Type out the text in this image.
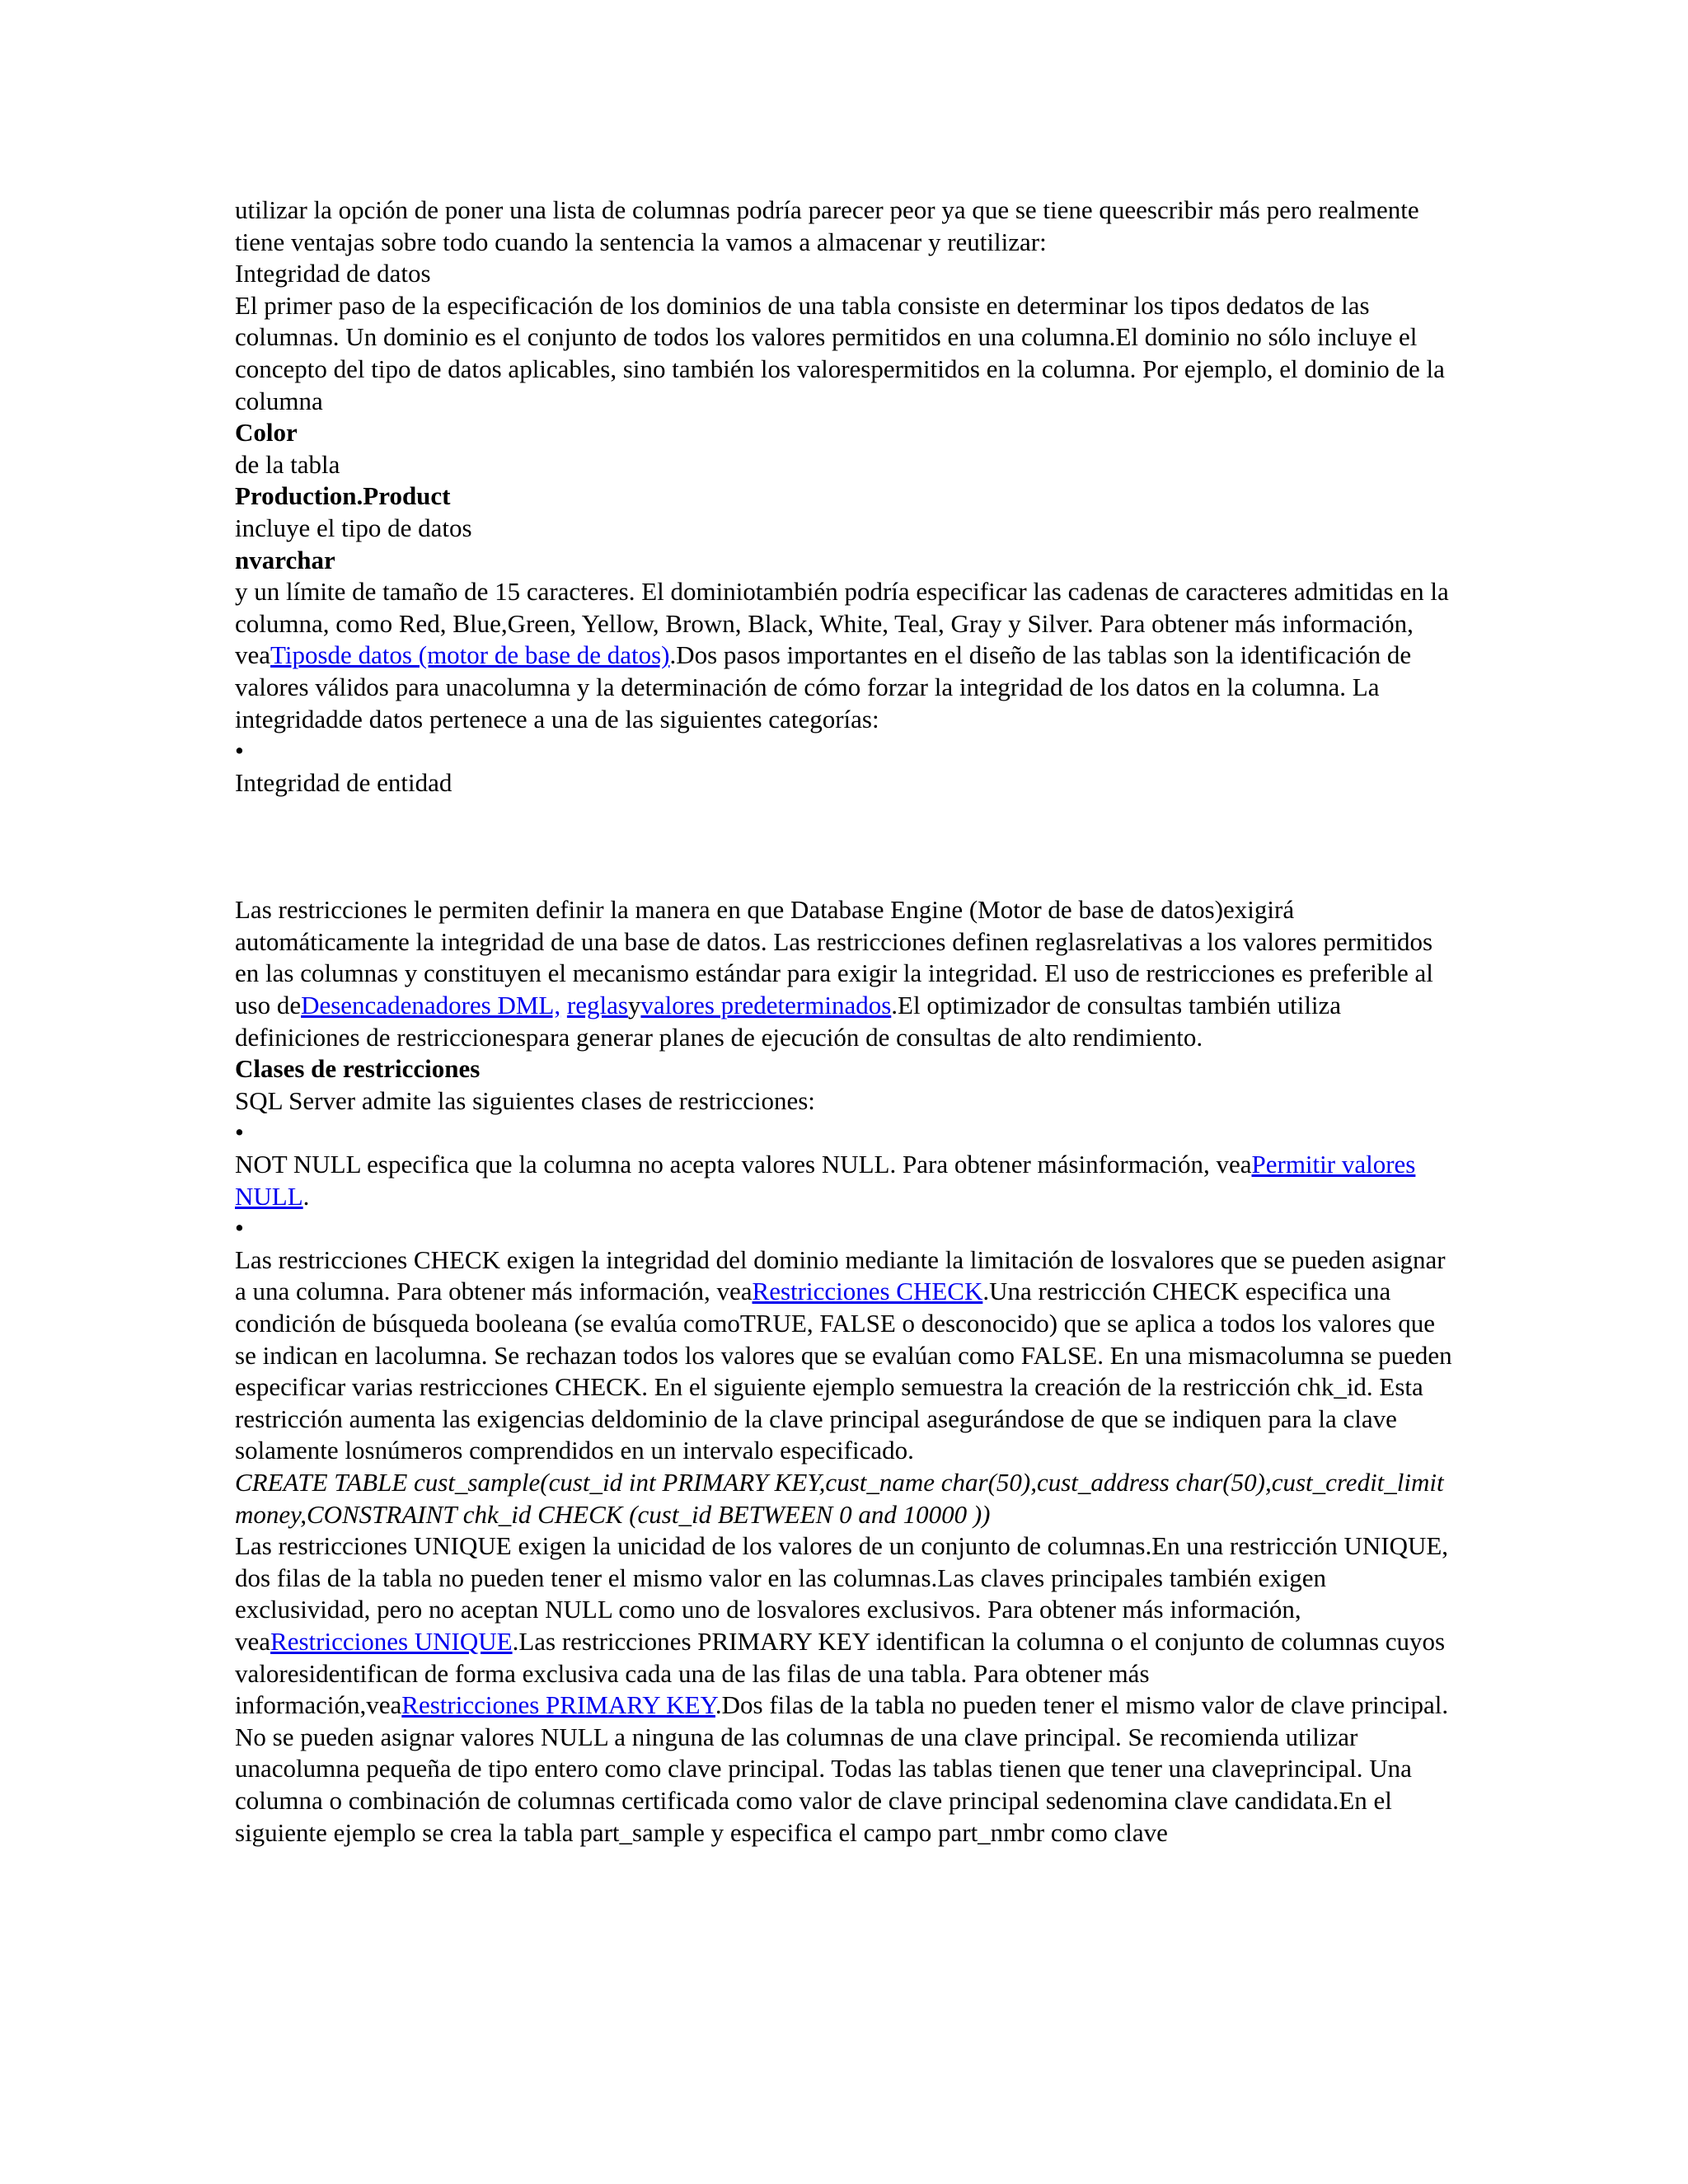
utilizar la opción de poner una lista de columnas podría parecer peor ya que se tiene queescribir más pero realmente tiene ventajas sobre todo cuando la sentencia la vamos a almacenar y reutilizar:

Integridad de datos

El primer paso de la especificación de los dominios de una tabla consiste en determinar los tipos dedatos de las columnas. Un dominio es el conjunto de todos los valores permitidos en una columna.El dominio no sólo incluye el concepto del tipo de datos aplicables, sino también los valorespermitidos en la columna. Por ejemplo, el dominio de la columna

Color

de la tabla

Production.Product

incluye el tipo de datos

nvarchar

y un límite de tamaño de 15 caracteres. El dominiotambién podría especificar las cadenas de caracteres admitidas en la columna, como Red, Blue,Green, Yellow, Brown, Black, White, Teal, Gray y Silver. Para obtener más información, veaTiposde datos (motor de base de datos).Dos pasos importantes en el diseño de las tablas son la identificación de valores válidos para unacolumna y la determinación de cómo forzar la integridad de los datos en la columna. La integridadde datos pertenece a una de las siguientes categorías:

•

Integridad de entidad

Las restricciones le permiten definir la manera en que Database Engine (Motor de base de datos)exigirá automáticamente la integridad de una base de datos. Las restricciones definen reglasrelativas a los valores permitidos en las columnas y constituyen el mecanismo estándar para exigir la integridad. El uso de restricciones es preferible al uso deDesencadenadores DML, reglasyvalores predeterminados.El optimizador de consultas también utiliza definiciones de restriccionespara generar planes de ejecución de consultas de alto rendimiento.

Clases de restricciones

SQL Server admite las siguientes clases de restricciones:

•

NOT NULL especifica que la columna no acepta valores NULL. Para obtener másinformación, veaPermitir valores NULL.

•

Las restricciones CHECK exigen la integridad del dominio mediante la limitación de losvalores que se pueden asignar a una columna. Para obtener más información, veaRestricciones CHECK.Una restricción CHECK especifica una condición de búsqueda booleana (se evalúa comoTRUE, FALSE o desconocido) que se aplica a todos los valores que se indican en lacolumna. Se rechazan todos los valores que se evalúan como FALSE. En una mismacolumna se pueden especificar varias restricciones CHECK. En el siguiente ejemplo semuestra la creación de la restricción chk_id. Esta restricción aumenta las exigencias deldominio de la clave principal asegurándose de que se indiquen para la clave solamente losnúmeros comprendidos en un intervalo especificado.

CREATE TABLE cust_sample(cust_id int PRIMARY KEY,cust_name char(50),cust_address char(50),cust_credit_limit money,CONSTRAINT chk_id CHECK (cust_id BETWEEN 0 and 10000 ))

Las restricciones UNIQUE exigen la unicidad de los valores de un conjunto de columnas.En una restricción UNIQUE, dos filas de la tabla no pueden tener el mismo valor en las columnas.Las claves principales también exigen exclusividad, pero no aceptan NULL como uno de losvalores exclusivos. Para obtener más información, veaRestricciones UNIQUE.Las restricciones PRIMARY KEY identifican la columna o el conjunto de columnas cuyos valoresidentifican de forma exclusiva cada una de las filas de una tabla. Para obtener más información,veaRestricciones PRIMARY KEY.Dos filas de la tabla no pueden tener el mismo valor de clave principal. No se pueden asignar valores NULL a ninguna de las columnas de una clave principal. Se recomienda utilizar unacolumna pequeña de tipo entero como clave principal. Todas las tablas tienen que tener una claveprincipal. Una columna o combinación de columnas certificada como valor de clave principal sedenomina clave candidata.En el siguiente ejemplo se crea la tabla part_sample y especifica el campo part_nmbr como clave
